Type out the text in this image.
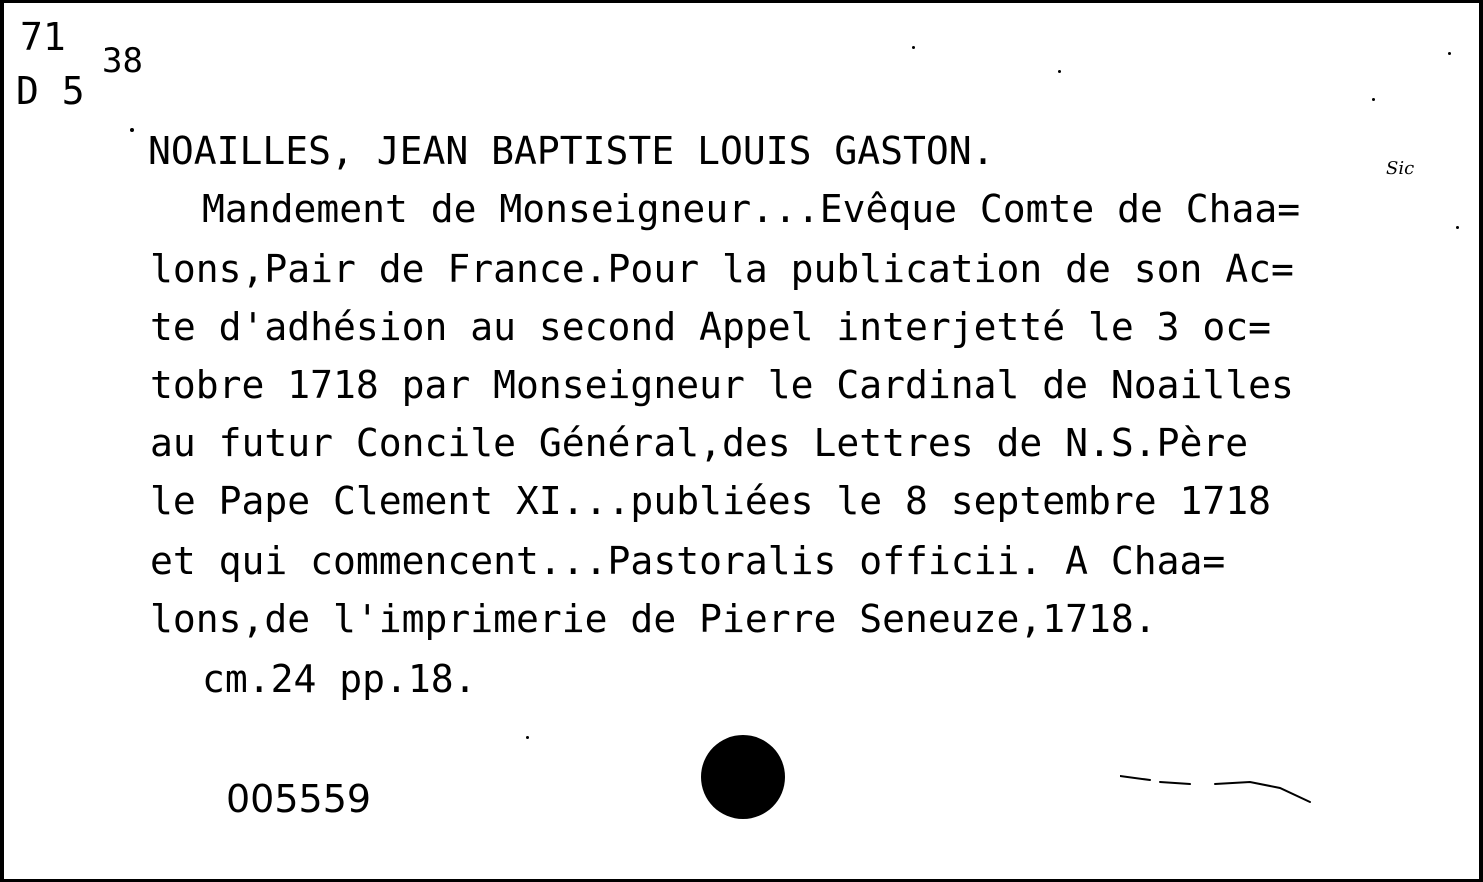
71
D 5
38
NOAILLES, JEAN BAPTISTE LOUIS GASTON.	Sic
Mandement de Monseigneur...Evêque Comte de Chaa=
lons,Pair de France.Pour la publication de son Ac=
te d'adhésion au second Appel interjetté le 3 oc=
tobre 1718 par Monseigneur le Cardinal de Noailles
au futur Concile Général,des Lettres de N.S.Père
le Pape Clement XI...publiées le 8 septembre 1718
et qui commencent...Pastoralis officii. A Chaa=
lons,de l'imprimerie de Pierre Seneuze,1718.
cm.24 pp.18.
005559
